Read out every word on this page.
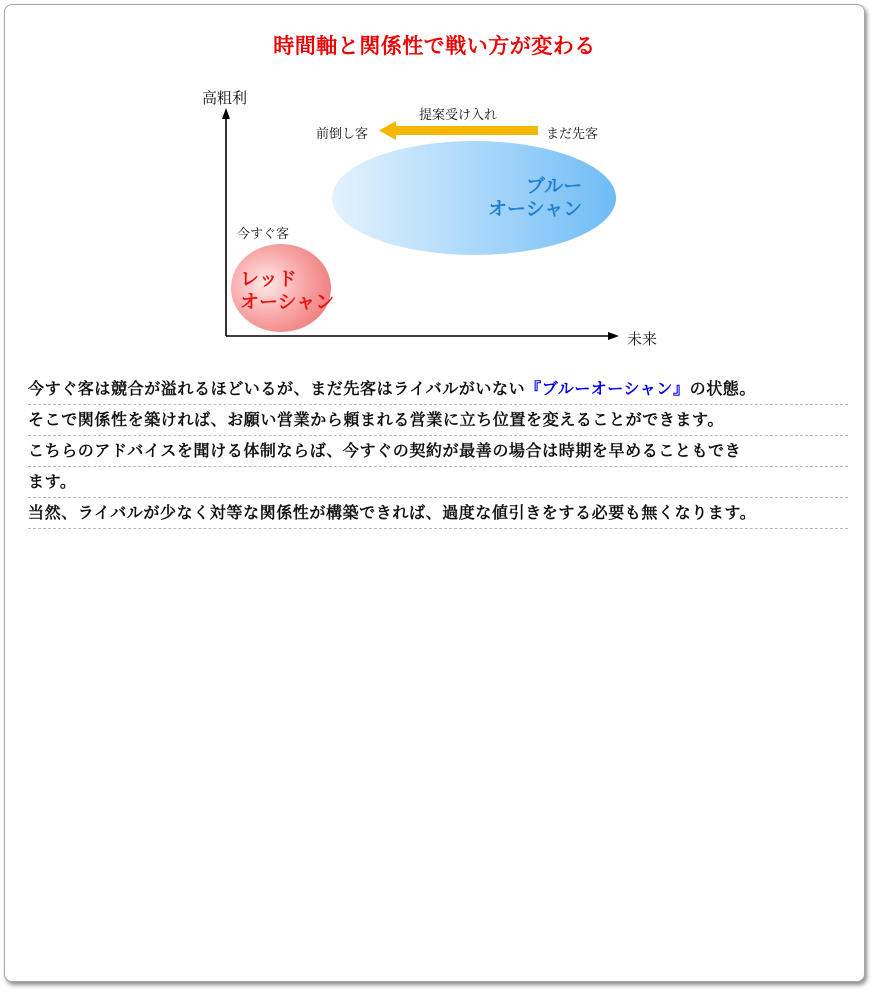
時間軸と関係性で戦い方が変わる
高粗利
未来
ブルー
オーシャン
今すぐ客
レッド
オーシャン
提案受け入れ
まだ先客
前倒し客
今すぐ客は競合が溢れるほどいるが、まだ先客はライバルがいない『ブルーオーシャン』の状態。
そこで関係性を築ければ、お願い営業から頼まれる営業に立ち位置を変えることができます。
こちらのアドバイスを聞ける体制ならば、今すぐの契約が最善の場合は時期を早めることもでき
ます。
当然、ライバルが少なく対等な関係性が構築できれば、過度な値引きをする必要も無くなります。
